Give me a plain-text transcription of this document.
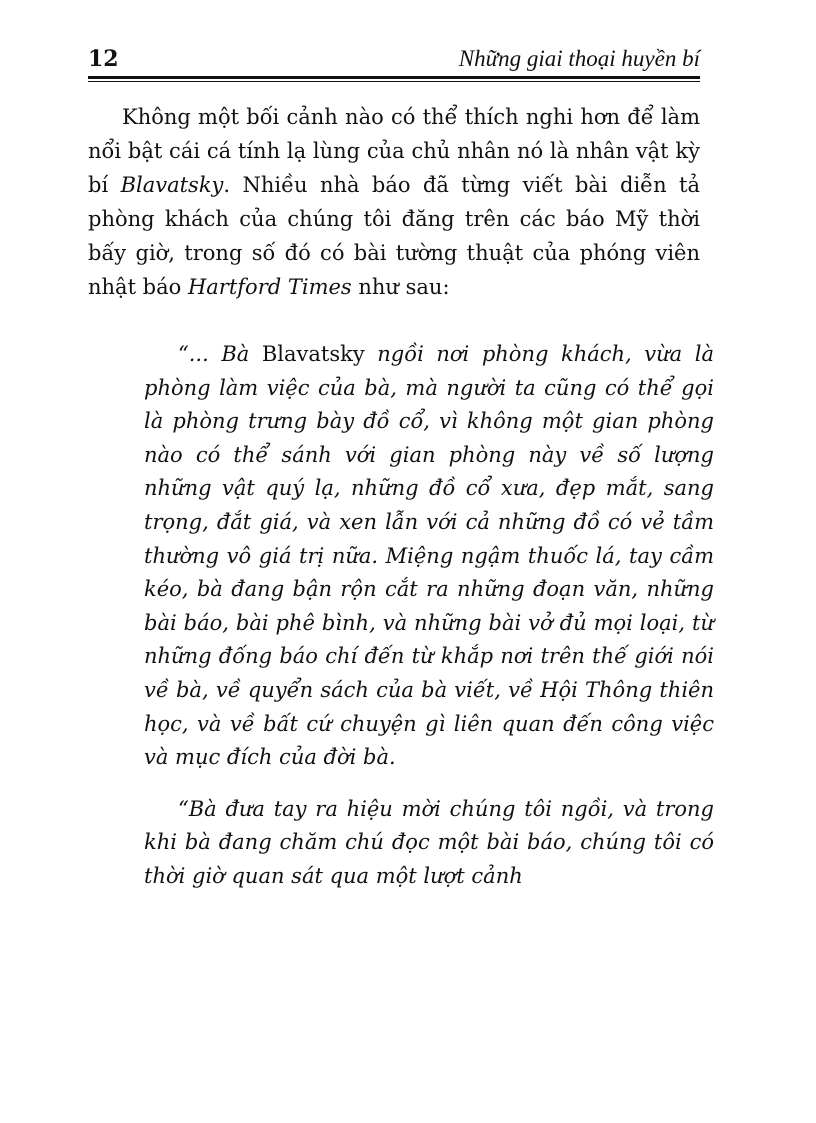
12	Những giai thoại huyền bí

Không một bối cảnh nào có thể thích nghi hơn để làm nổi bật cái cá tính lạ lùng của chủ nhân nó là nhân vật kỳ bí Blavatsky. Nhiều nhà báo đã từng viết bài diễn tả phòng khách của chúng tôi đăng trên các báo Mỹ thời bấy giờ, trong số đó có bài tường thuật của phóng viên nhật báo Hartford Times như sau:

“... Bà Blavatsky ngồi nơi phòng khách, vừa là phòng làm việc của bà, mà người ta cũng có thể gọi là phòng trưng bày đồ cổ, vì không một gian phòng nào có thể sánh với gian phòng này về số lượng những vật quý lạ, những đồ cổ xưa, đẹp mắt, sang trọng, đắt giá, và xen lẫn với cả những đồ có vẻ tầm thường vô giá trị nữa. Miệng ngậm thuốc lá, tay cầm kéo, bà đang bận rộn cắt ra những đoạn văn, những bài báo, bài phê bình, và những bài vở đủ mọi loại, từ những đống báo chí đến từ khắp nơi trên thế giới nói về bà, về quyển sách của bà viết, về Hội Thông thiên học, và về bất cứ chuyện gì liên quan đến công việc và mục đích của đời bà.

“Bà đưa tay ra hiệu mời chúng tôi ngồi, và trong khi bà đang chăm chú đọc một bài báo, chúng tôi có thời giờ quan sát qua một lượt cảnh
